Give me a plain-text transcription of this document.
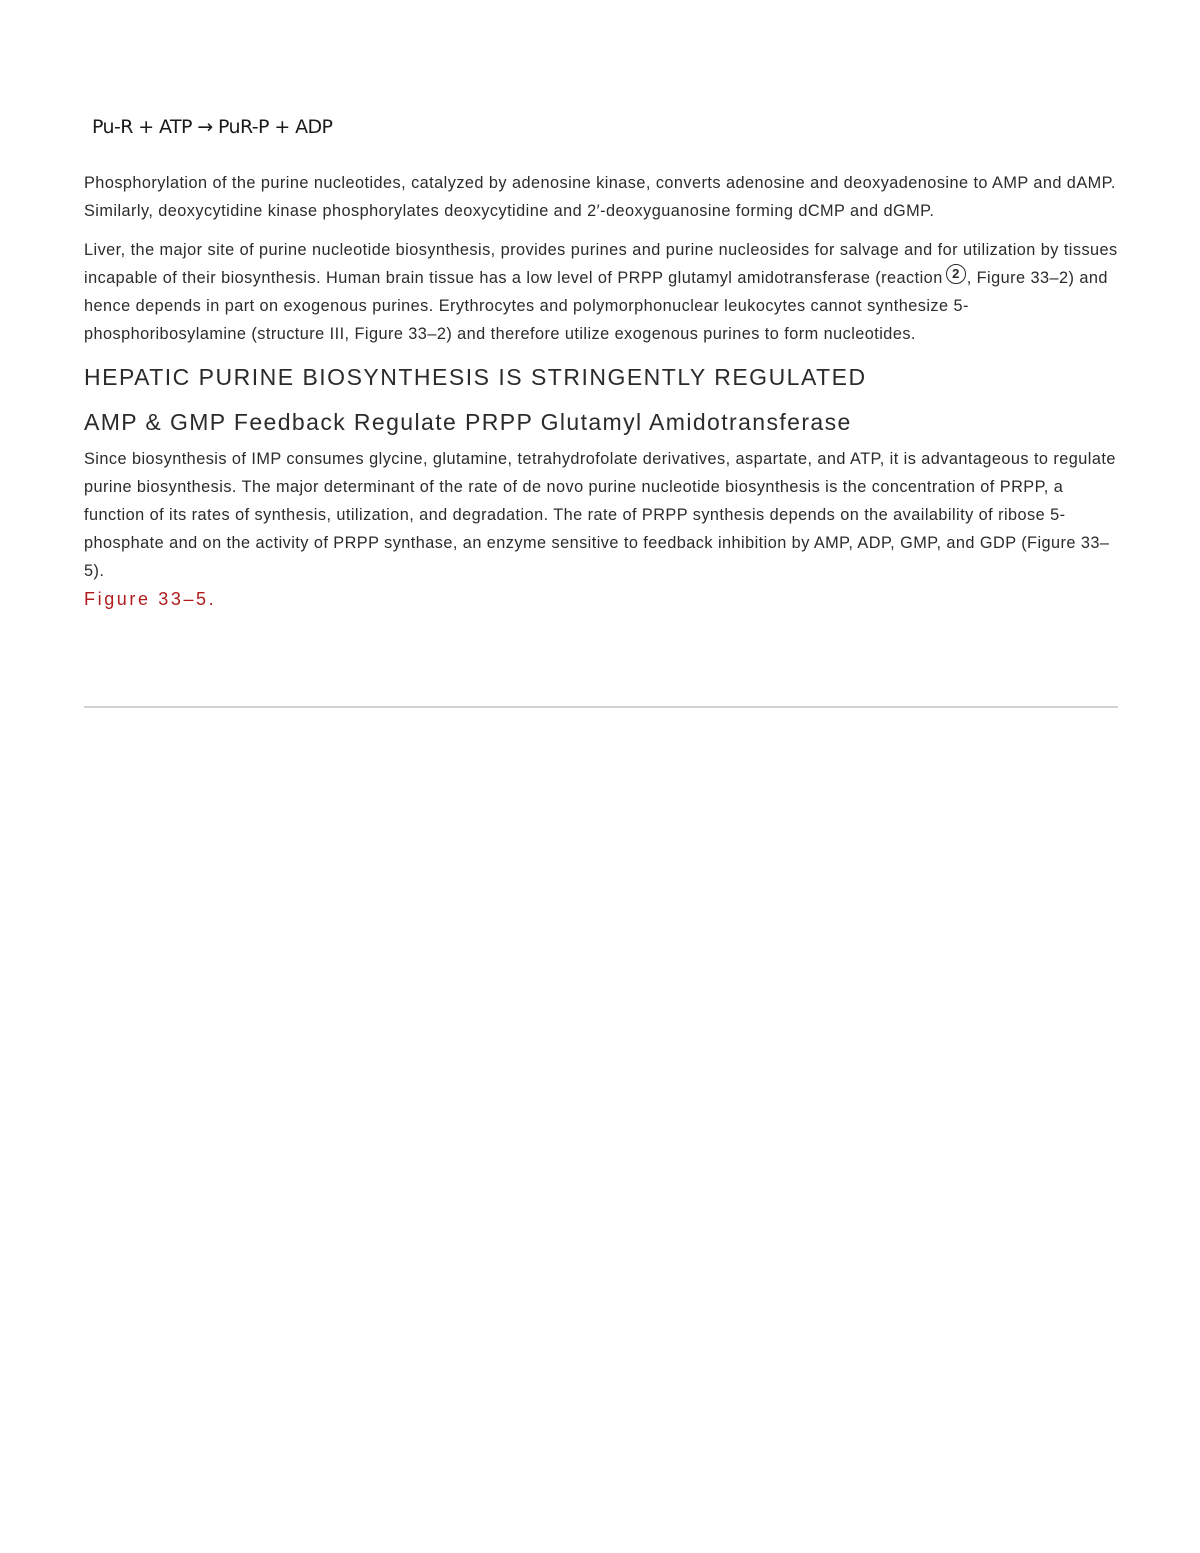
Pu-R + ATP → PuR-P + ADP

Phosphorylation of the purine nucleotides, catalyzed by adenosine kinase, converts adenosine and deoxyadenosine to AMP and dAMP. Similarly, deoxycytidine kinase phosphorylates deoxycytidine and 2′-deoxyguanosine forming dCMP and dGMP.

Liver, the major site of purine nucleotide biosynthesis, provides purines and purine nucleosides for salvage and for utilization by tissues incapable of their biosynthesis. Human brain tissue has a low level of PRPP glutamyl amidotransferase (reaction 2 , Figure 33–2) and hence depends in part on exogenous purines. Erythrocytes and polymorphonuclear leukocytes cannot synthesize 5-phosphoribosylamine (structure III, Figure 33–2) and therefore utilize exogenous purines to form nucleotides.

HEPATIC PURINE BIOSYNTHESIS IS STRINGENTLY REGULATED
AMP & GMP Feedback Regulate PRPP Glutamyl Amidotransferase

Since biosynthesis of IMP consumes glycine, glutamine, tetrahydrofolate derivatives, aspartate, and ATP, it is advantageous to regulate purine biosynthesis. The major determinant of the rate of de novo purine nucleotide biosynthesis is the concentration of PRPP, a function of its rates of synthesis, utilization, and degradation. The rate of PRPP synthesis depends on the availability of ribose 5-phosphate and on the activity of PRPP synthase, an enzyme sensitive to feedback inhibition by AMP, ADP, GMP, and GDP (Figure 33–5).

Figure 33–5.
